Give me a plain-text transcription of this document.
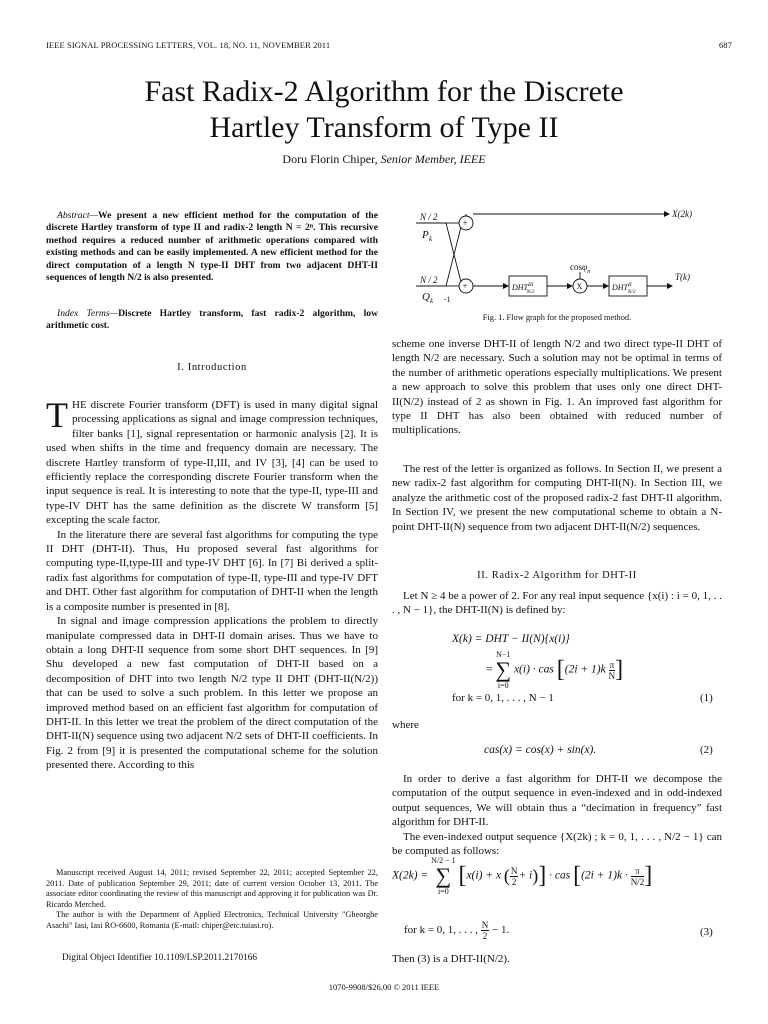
IEEE SIGNAL PROCESSING LETTERS, VOL. 18, NO. 11, NOVEMBER 2011	687
Fast Radix-2 Algorithm for the Discrete
Hartley Transform of Type II
Doru Florin Chiper, Senior Member, IEEE

Abstract—We present a new efficient method for the computation of the discrete Hartley transform of type II and radix-2 length N = 2ⁿ. This recursive method requires a reduced number of arithmetic operations compared with existing methods and can be easily implemented. A new efficient method for the direct computation of a length N type-II DHT from two adjacent DHT-II sequences of length N/2 is also presented.

Index Terms—Discrete Hartley transform, fast radix-2 algorithm, low arithmetic cost.

I. Introduction

THE discrete Fourier transform (DFT) is used in many digital signal processing applications as signal and image compression techniques, filter banks [1], signal representation or harmonic analysis [2]. It is used when shifts in the time and frequency domain are necessary. The discrete Hartley transform of type-II,III, and IV [3], [4] can be used to efficiently replace the corresponding discrete Fourier transform when the input sequence is real. It is interesting to note that the type-II, type-III and type-IV DHT has the same definition as the discrete W transform [5] excepting the scale factor.

In the literature there are several fast algorithms for computing the type II DHT (DHT-II). Thus, Hu proposed several fast algorithms for computing type-II,type-III and type-IV DHT [6]. In [7] Bi derived a split-radix fast algorithms for computation of type-II, type-III and type-IV DFT and DHT. Other fast algorithm for computation of DHT-II when the length is a composite number is presented in [8].

In signal and image compression applications the problem to directly manipulate compressed data in DHT-II domain arises. Thus we have to obtain a long DHT-II sequence from some short DHT sequences. In [9] Shu developed a new fast computation of DHT-II based on a decomposition of DHT into two length N/2 type II DHT (DHT-II(N/2)) that can be used to solve a such problem. In this letter we propose an improved method based on an efficient fast algorithm for computation of DHT-II. In this letter we treat the problem of the direct computation of the DHT-II(N) sequence using two adjacent N/2 sets of DHT-II coefficients. In Fig. 2 from [9] it is presented the computational scheme for the solution presented there. According to this

Manuscript received August 14, 2011; revised September 22, 2011; accepted September 22, 2011. Date of publication September 29, 2011; date of current version October 13, 2011. The associate editor coordinating the review of this manuscript and approving it for publication was Dr. Ricardo Merched.

The author is with the Department of Applied Electronics, Technical University "Gheorghe Asachi" Iasi, Iasi RO-6600, Romania (E-mail: chiper@etc.tuiasi.ro).

Digital Object Identifier 10.1109/LSP.2011.2170166
N / 2
N / 2
P k
Q k -1
+
+
X(2k)
$DHT^{III}$ N/2
X
cosφ$_n$
$DHT^{II}$ N/2
T(k)
Fig. 1. Flow graph for the proposed method.

scheme one inverse DHT-II of length N/2 and two direct type-II DHT of length N/2 are necessary. Such a solution may not be optimal in terms of the number of arithmetic operations especially multiplications. We present a new approach to solve this problem that uses only one direct DHT-II(N/2) instead of 2 as shown in Fig. 1. An improved fast algorithm for type II DHT has also been obtained with reduced number of multiplications.

The rest of the letter is organized as follows. In Section II, we present a new radix-2 fast algorithm for computing DHT-II(N). In Section III, we analyze the arithmetic cost of the proposed radix-2 fast DHT-II algorithm. In Section IV, we present the new computational scheme to obtain a N-point DHT-II(N) sequence from two adjacent DHT-II(N/2) sequences.

II. Radix-2 Algorithm for DHT-II

Let N ≥ 4 be a power of 2. For any real input sequence {x(i) : i = 0, 1, . . . , N − 1}, the DHT-II(N) is defined by:

X(k) = DHT − II(N){x(i)}
= N−1
∑
i=0 x(i) · cas [$(2i + 1)k \frac{\pi}{N}$ ]
for k = 0, 1, . . . , N − 1	(1)
where
cas(x) = cos(x) + sin(x).	(2)

In order to derive a fast algorithm for DHT-II we decompose the computation of the output sequence in even-indexed and in odd-indexed output sequences, We will obtain thus a “decimation in frequency” fast algorithm for DHT-II.

The even-indexed output sequence {X(2k) ; k = 0, 1, . . . , N/2 − 1} can be computed as follows:

X(2k) = N/2 − 1
∑
i=0 [x(i) + x ( $\frac{N}{2} + i$)] · cas [$(2i + 1)k \cdot \frac{\pi}{N/2}$ ]
for k = 0, 1, . . . , $\frac{N}{2} - 1$.	(3)
Then (3) is a DHT-II(N/2).
1070-9908/$26.00 © 2011 IEEE
